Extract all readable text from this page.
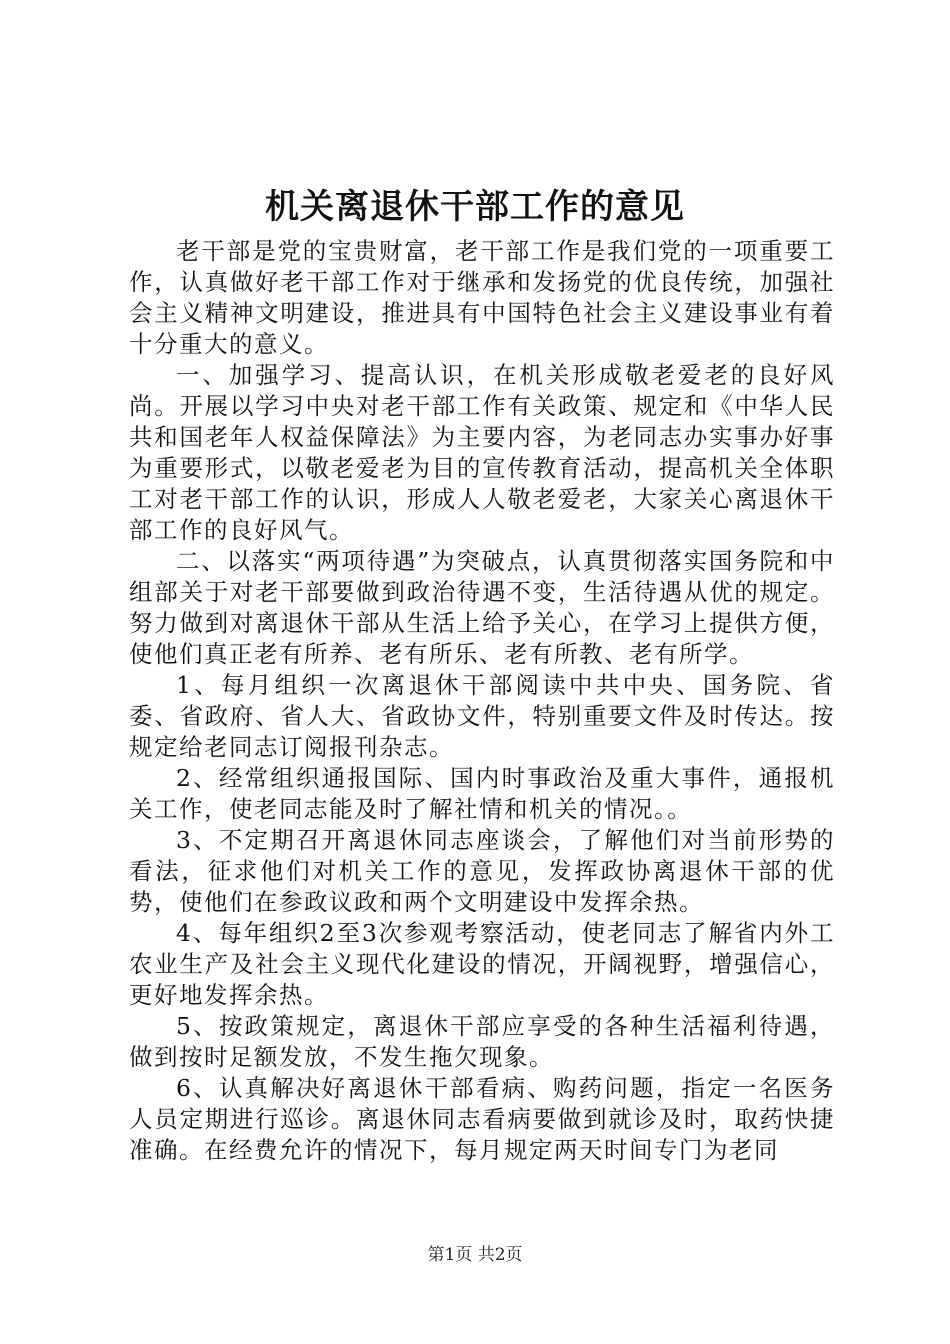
机关离退休干部工作的意见

老干部是党的宝贵财富，老干部工作是我们党的一项重要工作，认真做好老干部工作对于继承和发扬党的优良传统，加强社会主义精神文明建设，推进具有中国特色社会主义建设事业有着十分重大的意义。

一、加强学习、提高认识，在机关形成敬老爱老的良好风尚。开展以学习中央对老干部工作有关政策、规定和《中华人民共和国老年人权益保障法》为主要内容，为老同志办实事办好事为重要形式，以敬老爱老为目的宣传教育活动，提高机关全体职工对老干部工作的认识，形成人人敬老爱老，大家关心离退休干部工作的良好风气。

二、以落实“两项待遇”为突破点，认真贯彻落实国务院和中组部关于对老干部要做到政治待遇不变，生活待遇从优的规定。努力做到对离退休干部从生活上给予关心，在学习上提供方便，使他们真正老有所养、老有所乐、老有所教、老有所学。

1、每月组织一次离退休干部阅读中共中央、国务院、省委、省政府、省人大、省政协文件，特别重要文件及时传达。按规定给老同志订阅报刊杂志。

2、经常组织通报国际、国内时事政治及重大事件，通报机关工作，使老同志能及时了解社情和机关的情况。。

3、不定期召开离退休同志座谈会，了解他们对当前形势的看法，征求他们对机关工作的意见，发挥政协离退休干部的优势，使他们在参政议政和两个文明建设中发挥余热。

4、每年组织2至3次参观考察活动，使老同志了解省内外工农业生产及社会主义现代化建设的情况，开阔视野，增强信心，更好地发挥余热。

5、按政策规定，离退休干部应享受的各种生活福利待遇，做到按时足额发放，不发生拖欠现象。

6、认真解决好离退休干部看病、购药问题，指定一名医务人员定期进行巡诊。离退休同志看病要做到就诊及时，取药快捷准确。在经费允许的情况下，每月规定两天时间专门为老同

第1页 共2页
